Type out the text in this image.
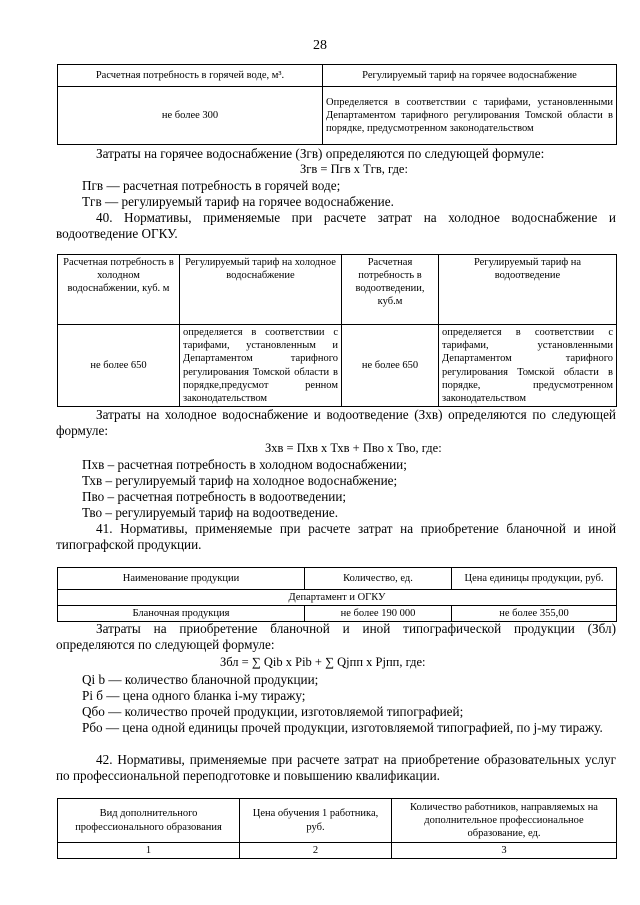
28
Расчетная потребность в горячей воде, м³.	Регулируемый тариф на горячее водоснабжение
не более 300	Определяется в соответствии с тарифами, установленными Департаментом тарифного регулирования Томской области в порядке, предусмотренном законодательством
Затраты на горячее водоснабжение (Згв) определяются по следующей формуле:
Згв = Пгв х Тгв, где:
Пгв — расчетная потребность в горячей воде;
Тгв — регулируемый тариф на горячее водоснабжение.
40. Нормативы, применяемые при расчете затрат на холодное водоснабжение и водоотведение ОГКУ.
Расчетная потребность в холодном водоснабжении, куб. м	Регулируемый тариф на холодное водоснабжение	Расчетная потребность в водоотведении, куб.м	Регулируемый тариф на водоотведение
не более 650	определяется в соответствии с тарифами, установленным и Департаментом тарифного регулирования Томской области в порядке,предусмот ренном законодательством	не более 650	определяется в соответствии с тарифами, установленными Департаментом тарифного регулирования Томской области в порядке, предусмотренном законодательством
Затраты на холодное водоснабжение и водоотведение (Зхв) определяются по следующей формуле:
Зхв = Пхв х Тхв + Пво х Тво, где:
Пхв – расчетная потребность в холодном водоснабжении;
Тхв – регулируемый тариф на холодное водоснабжение;
Пво – расчетная потребность в водоотведении;
Тво – регулируемый тариф на водоотведение.
41. Нормативы, применяемые при расчете затрат на приобретение бланочной и иной типографской продукции.
Наименование продукции	Количество, ед.	Цена единицы продукции, руб.
Департамент и ОГКУ		
Бланочная продукция	не более 190 000	не более 355,00
Затраты на приобретение бланочной и иной типографической продукции (Збл) определяются по следующей формуле:
Збл = ∑ Qib х Pib + ∑ Qjпп х Pjпп, где:
Qi b — количество бланочной продукции;
Pi б — цена одного бланка i-му тиражу;
Qбо — количество прочей продукции, изготовляемой типографией;
Pбо — цена одной единицы прочей продукции, изготовляемой типографией, по j-му тиражу.
42. Нормативы, применяемые при расчете затрат на приобретение образовательных услуг по профессиональной переподготовке и повышению квалификации.
Вид дополнительного профессионального образования	Цена обучения 1 работника, руб.	Количество работников, направляемых на дополнительное профессиональное образование, ед.
1	2	3
